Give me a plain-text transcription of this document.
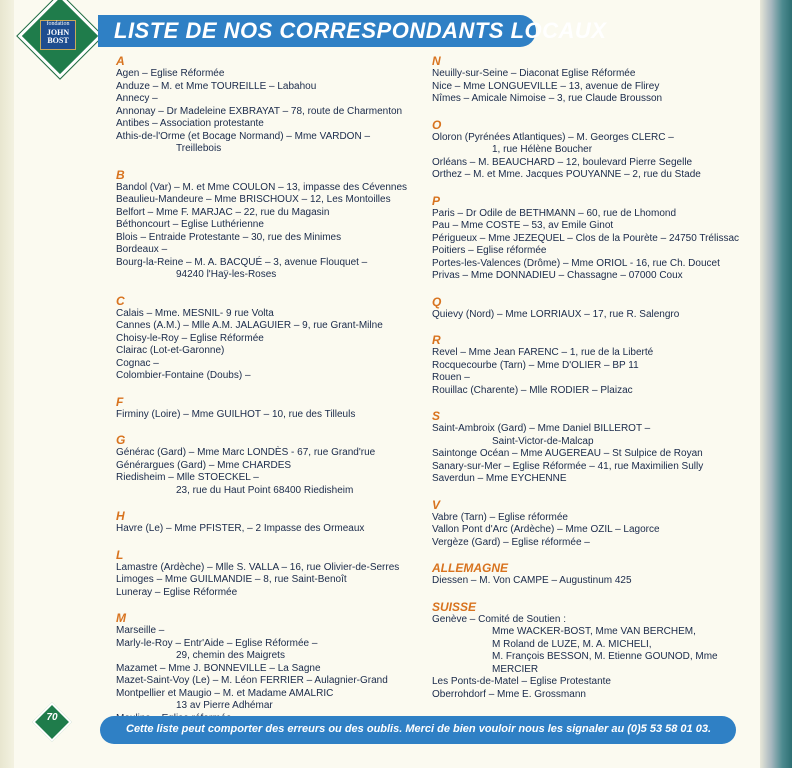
fondation
JOHN
BOST LISTE DE NOS CORRESPONDANTS LOCAUX
A
Agen – Eglise Réformée
Anduze – M. et Mme TOUREILLE – Labahou
Annecy –
Annonay – Dr Madeleine EXBRAYAT – 78, route de Charmenton
Antibes – Association protestante
Athis-de-l'Orme (et Bocage Normand) – Mme VARDON –
Treillebois
B
Bandol (Var) – M. et Mme COULON – 13, impasse des Cévennes
Beaulieu-Mandeure – Mme BRISCHOUX – 12, Les Montoilles
Belfort – Mme F. MARJAC – 22, rue du Magasin
Béthoncourt – Eglise Luthérienne
Blois – Entraide Protestante – 30, rue des Minimes
Bordeaux –
Bourg-la-Reine – M. A. BACQUÉ – 3, avenue Flouquet –
94240 l'Haÿ-les-Roses
C
Calais – Mme. MESNIL- 9 rue Volta
Cannes (A.M.) – Mlle A.M. JALAGUIER – 9, rue Grant-Milne
Choisy-le-Roy – Eglise Réformée
Clairac (Lot-et-Garonne)
Cognac –
Colombier-Fontaine (Doubs) –
F
Firminy (Loire) – Mme GUILHOT – 10, rue des Tilleuls
G
Générac (Gard) – Mme Marc LONDÈS - 67, rue Grand'rue
Générargues (Gard) – Mme CHARDES
Riedisheim – Mlle STOECKEL –
23, rue du Haut Point 68400 Riedisheim
H
Havre (Le) – Mme PFISTER, – 2 Impasse des Ormeaux
L
Lamastre (Ardèche) – Mlle S. VALLA – 16, rue Olivier-de-Serres
Limoges – Mme GUILMANDIE – 8, rue Saint-Benoît
Luneray – Eglise Réformée
M
Marseille –
Marly-le-Roy – Entr'Aide – Eglise Réformée –
29, chemin des Maigrets
Mazamet – Mme J. BONNEVILLE – La Sagne
Mazet-Saint-Voy (Le) – M. Léon FERRIER – Aulagnier-Grand
Montpellier et Maugio – M. et Madame AMALRIC
13 av Pierre Adhémar
N
Neuilly-sur-Seine – Diaconat Eglise Réformée
Nice – Mme LONGUEVILLE – 13, avenue de Flirey
Nîmes – Amicale Nimoise – 3, rue Claude Brousson
O
Oloron (Pyrénées Atlantiques) – M. Georges CLERC –
1, rue Hélène Boucher
Orléans – M. BEAUCHARD – 12, boulevard Pierre Segelle
Orthez – M. et Mme. Jacques POUYANNE – 2, rue du Stade
P
Paris – Dr Odile de BETHMANN – 60, rue de Lhomond
Pau – Mme COSTE – 53, av Emile Ginot
Périgueux – Mme JEZEQUEL – Clos de la Pourète – 24750 Trélissac
Poitiers – Eglise réformée
Portes-les-Valences (Drôme) – Mme ORIOL - 16, rue Ch. Doucet
Privas – Mme DONNADIEU – Chassagne – 07000 Coux
Q
Quievy (Nord) – Mme LORRIAUX – 17, rue R. Salengro
R
Revel – Mme Jean FARENC – 1, rue de la Liberté
Rocquecourbe (Tarn) – Mme D'OLIER – BP 11
Rouen –
Rouillac (Charente) – Mlle RODIER – Plaizac
S
Saint-Ambroix (Gard) – Mme Daniel BILLEROT –
Saint-Victor-de-Malcap
Saintonge Océan – Mme AUGEREAU – St Sulpice de Royan
Sanary-sur-Mer – Eglise Réformée – 41, rue Maximilien Sully
Saverdun – Mme EYCHENNE
V
Vabre (Tarn) – Eglise réformée
Vallon Pont d'Arc (Ardèche) – Mme OZIL – Lagorce
Vergèze (Gard) – Eglise réformée –
ALLEMAGNE
Diessen – M. Von CAMPE – Augustinum 425
SUISSE
Genève – Comité de Soutien :
Mme WACKER-BOST, Mme VAN BERCHEM,
M Roland de LUZE, M. A. MICHELI,
M. François BESSON, M. Etienne GOUNOD, Mme MERCIER
Les Ponts-de-Matel – Eglise Protestante
Oberrohdorf – Mme E. Grossmann
70
Cette liste peut comporter des erreurs ou des oublis. Merci de bien vouloir nous les signaler au (0)5 53 58 01 03.
